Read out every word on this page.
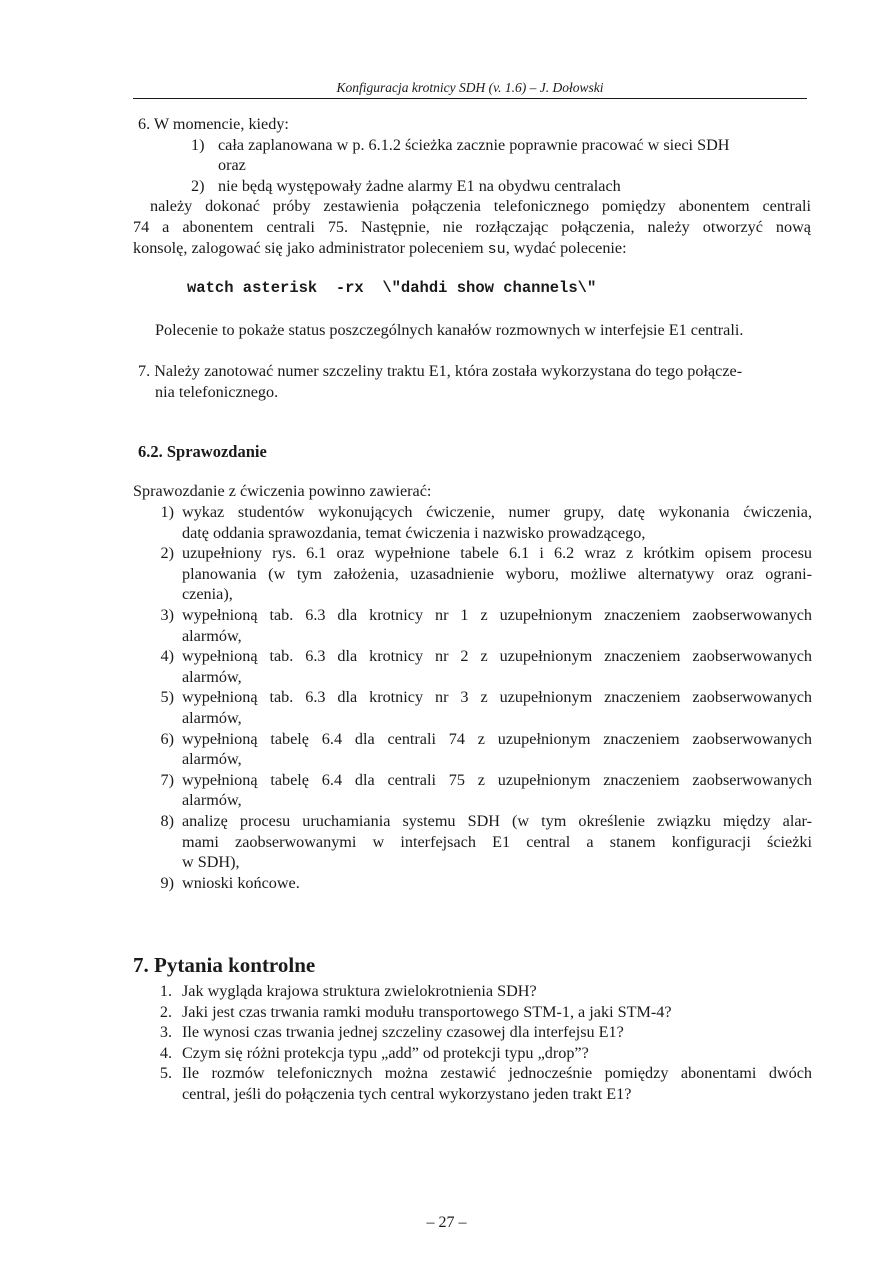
Konfiguracja krotnicy SDH (v. 1.6) – J. Dołowski
6. W momencie, kiedy:
1) cała zaplanowana w p. 6.1.2 ścieżka zacznie poprawnie pracować w sieci SDH
oraz
2) nie będą występowały żadne alarmy E1 na obydwu centralach
należy dokonać próby zestawienia połączenia telefonicznego pomiędzy abonentem centrali
74 a abonentem centrali 75. Następnie, nie rozłączając połączenia, należy otworzyć nową
konsolę, zalogować się jako administrator poleceniem su, wydać polecenie:
watch asterisk  -rx  \"dahdi show channels\"
Polecenie to pokaże status poszczególnych kanałów rozmownych w interfejsie E1 centrali.
7. Należy zanotować numer szczeliny traktu E1, która została wykorzystana do tego połącze-
nia telefonicznego.
6.2. Sprawozdanie
Sprawozdanie z ćwiczenia powinno zawierać:
1) wykaz studentów wykonujących ćwiczenie, numer grupy, datę wykonania ćwiczenia,
datę oddania sprawozdania, temat ćwiczenia i nazwisko prowadzącego,
2) uzupełniony rys. 6.1 oraz wypełnione tabele 6.1 i 6.2 wraz z krótkim opisem procesu
planowania (w tym założenia, uzasadnienie wyboru, możliwe alternatywy oraz ograni-
czenia),
3) wypełnioną tab. 6.3 dla krotnicy nr 1 z uzupełnionym znaczeniem zaobserwowanych
alarmów,
4) wypełnioną tab. 6.3 dla krotnicy nr 2 z uzupełnionym znaczeniem zaobserwowanych
alarmów,
5) wypełnioną tab. 6.3 dla krotnicy nr 3 z uzupełnionym znaczeniem zaobserwowanych
alarmów,
6) wypełnioną tabelę 6.4 dla centrali 74 z uzupełnionym znaczeniem zaobserwowanych
alarmów,
7) wypełnioną tabelę 6.4 dla centrali 75 z uzupełnionym znaczeniem zaobserwowanych
alarmów,
8) analizę procesu uruchamiania systemu SDH (w tym określenie związku między alar-
mami zaobserwowanymi w interfejsach E1 central a stanem konfiguracji ścieżki
w SDH),
9) wnioski końcowe.
7. Pytania kontrolne
1. Jak wygląda krajowa struktura zwielokrotnienia SDH?
2. Jaki jest czas trwania ramki modułu transportowego STM-1, a jaki STM-4?
3. Ile wynosi czas trwania jednej szczeliny czasowej dla interfejsu E1?
4. Czym się różni protekcja typu „add” od protekcji typu „drop”?
5. Ile rozmów telefonicznych można zestawić jednocześnie pomiędzy abonentami dwóch
central, jeśli do połączenia tych central wykorzystano jeden trakt E1?
– 27 –
